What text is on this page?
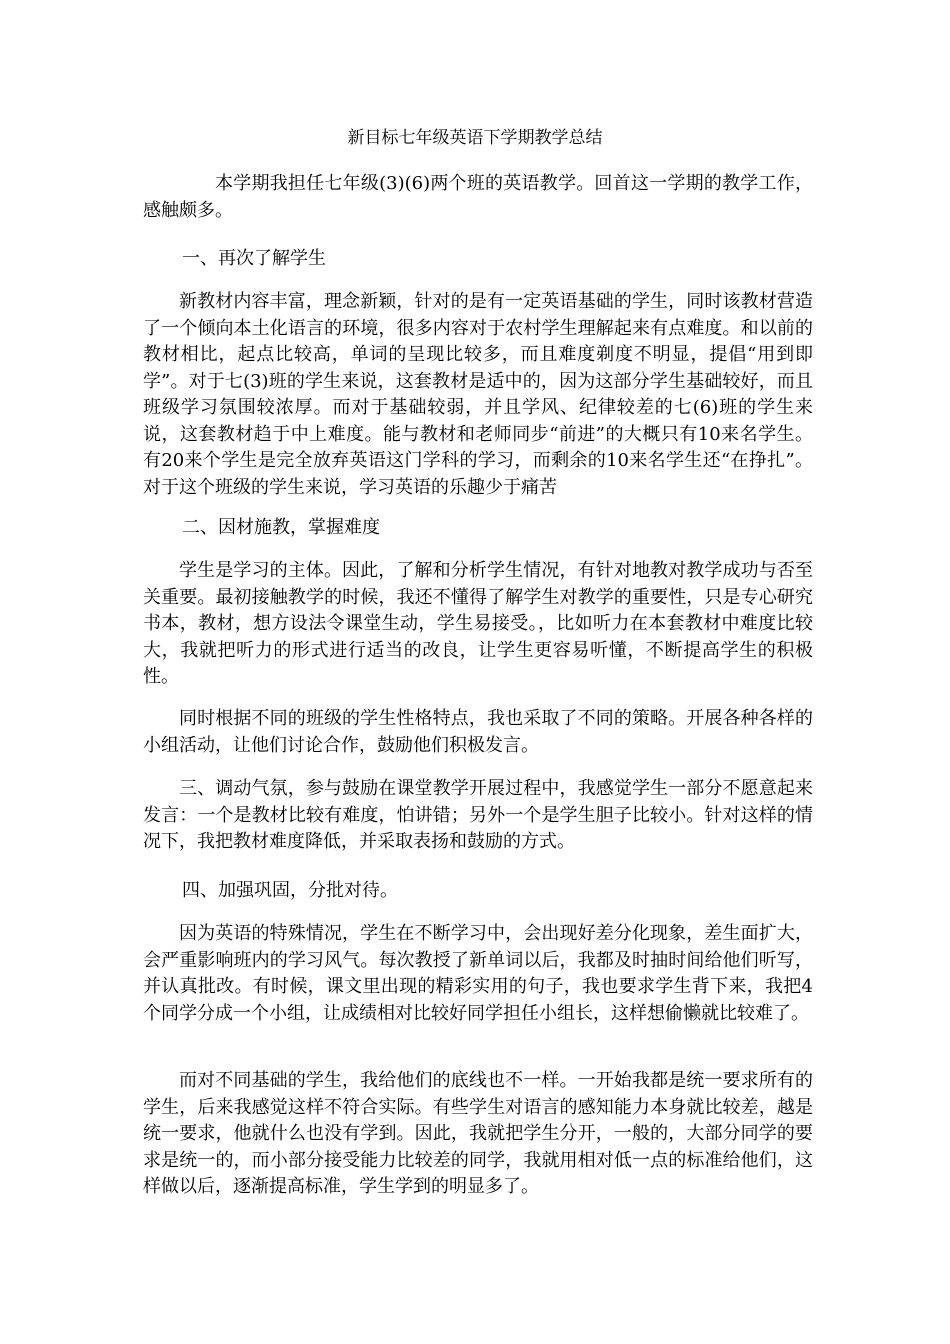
新目标七年级英语下学期教学总结

本学期我担任七年级(3)(6)两个班的英语教学。回首这一学期的教学工作，感触颇多。

一、再次了解学生

新教材内容丰富，理念新颖，针对的是有一定英语基础的学生，同时该教材营造了一个倾向本土化语言的环境，很多内容对于农村学生理解起来有点难度。和以前的教材相比，起点比较高，单词的呈现比较多，而且难度剃度不明显，提倡“用到即学”。对于七(3)班的学生来说，这套教材是适中的，因为这部分学生基础较好，而且班级学习氛围较浓厚。而对于基础较弱，并且学风、纪律较差的七(6)班的学生来说，这套教材趋于中上难度。能与教材和老师同步“前进”的大概只有10来名学生。有20来个学生是完全放弃英语这门学科的学习，而剩余的10来名学生还“在挣扎”。对于这个班级的学生来说，学习英语的乐趣少于痛苦

二、因材施教，掌握难度

学生是学习的主体。因此，了解和分析学生情况，有针对地教对教学成功与否至关重要。最初接触教学的时候，我还不懂得了解学生对教学的重要性，只是专心研究书本，教材，想方设法令课堂生动，学生易接受。，比如听力在本套教材中难度比较大，我就把听力的形式进行适当的改良，让学生更容易听懂，不断提高学生的积极性。

同时根据不同的班级的学生性格特点，我也采取了不同的策略。开展各种各样的小组活动，让他们讨论合作，鼓励他们积极发言。

三、调动气氛，参与鼓励在课堂教学开展过程中，我感觉学生一部分不愿意起来发言：一个是教材比较有难度，怕讲错；另外一个是学生胆子比较小。针对这样的情况下，我把教材难度降低，并采取表扬和鼓励的方式。

四、加强巩固，分批对待。

因为英语的特殊情况，学生在不断学习中，会出现好差分化现象，差生面扩大，会严重影响班内的学习风气。每次教授了新单词以后，我都及时抽时间给他们听写，并认真批改。有时候，课文里出现的精彩实用的句子，我也要求学生背下来，我把4个同学分成一个小组，让成绩相对比较好同学担任小组长，这样想偷懒就比较难了。

而对不同基础的学生，我给他们的底线也不一样。一开始我都是统一要求所有的学生，后来我感觉这样不符合实际。有些学生对语言的感知能力本身就比较差，越是统一要求，他就什么也没有学到。因此，我就把学生分开，一般的，大部分同学的要求是统一的，而小部分接受能力比较差的同学，我就用相对低一点的标准给他们，这样做以后，逐渐提高标准，学生学到的明显多了。
